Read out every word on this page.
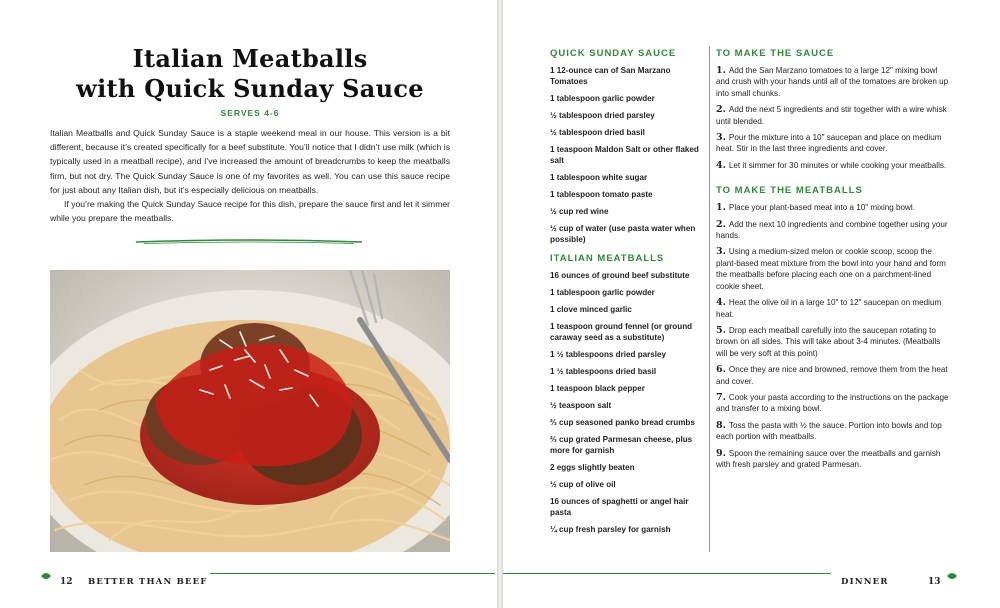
Italian Meatballs
with Quick Sunday Sauce
SERVES 4-6

Italian Meatballs and Quick Sunday Sauce is a staple weekend meal in our house. This version is a bit different, because it’s created specifically for a beef substitute. You’ll notice that I didn’t use milk (which is typically used in a meatball recipe), and I’ve increased the amount of breadcrumbs to keep the meatballs firm, but not dry. The Quick Sunday Sauce is one of my favorites as well. You can use this sauce recipe for just about any Italian dish, but it’s especially delicious on meatballs.

If you’re making the Quick Sunday Sauce recipe for this dish, prepare the sauce first and let it simmer while you prepare the meatballs.

12 BETTER THAN BEEF	DINNER	13
QUICK SUNDAY SAUCE
1 12-ounce can of San Marzano Tomatoes
1 tablespoon garlic powder
½ tablespoon dried parsley
½ tablespoon dried basil
1 teaspoon Maldon Salt or other flaked salt
1 tablespoon white sugar
1 tablespoon tomato paste
½ cup red wine
½ cup of water (use pasta water when possible)
ITALIAN MEATBALLS
16 ounces of ground beef substitute
1 tablespoon garlic powder
1 clove minced garlic
1 teaspoon ground fennel (or ground caraway seed as a substitute)
1 ½ tablespoons dried parsley
1 ½ tablespoons dried basil
1 teaspoon black pepper
½ teaspoon salt
⅔ cup seasoned panko bread crumbs
⅔ cup grated Parmesan cheese, plus more for garnish
2 eggs slightly beaten
½ cup of olive oil
16 ounces of spaghetti or angel hair pasta
¼ cup fresh parsley for garnish
TO MAKE THE SAUCE
1. Add the San Marzano tomatoes to a large 12" mixing bowl and crush with your hands until all of the tomatoes are broken up into small chunks.
2. Add the next 5 ingredients and stir together with a wire whisk until blended.
3. Pour the mixture into a 10" saucepan and place on medium heat. Stir in the last three ingredients and cover.
4. Let it simmer for 30 minutes or while cooking your meatballs.
TO MAKE THE MEATBALLS
1. Place your plant-based meat into a 10" mixing bowl.
2. Add the next 10 ingredients and combine together using your hands.
3. Using a medium-sized melon or cookie scoop, scoop the plant-based meat mixture from the bowl into your hand and form the meatballs before placing each one on a parchment-lined cookie sheet.
4. Heat the olive oil in a large 10" to 12" saucepan on medium heat.
5. Drop each meatball carefully into the saucepan rotating to brown on all sides. This will take about 3-4 minutes. (Meatballs will be very soft at this point)
6. Once they are nice and browned, remove them from the heat and cover.
7. Cook your pasta according to the instructions on the package and transfer to a mixing bowl.
8. Toss the pasta with ½ the sauce. Portion into bowls and top each portion with meatballs.
9. Spoon the remaining sauce over the meatballs and garnish with fresh parsley and grated Parmesan.
